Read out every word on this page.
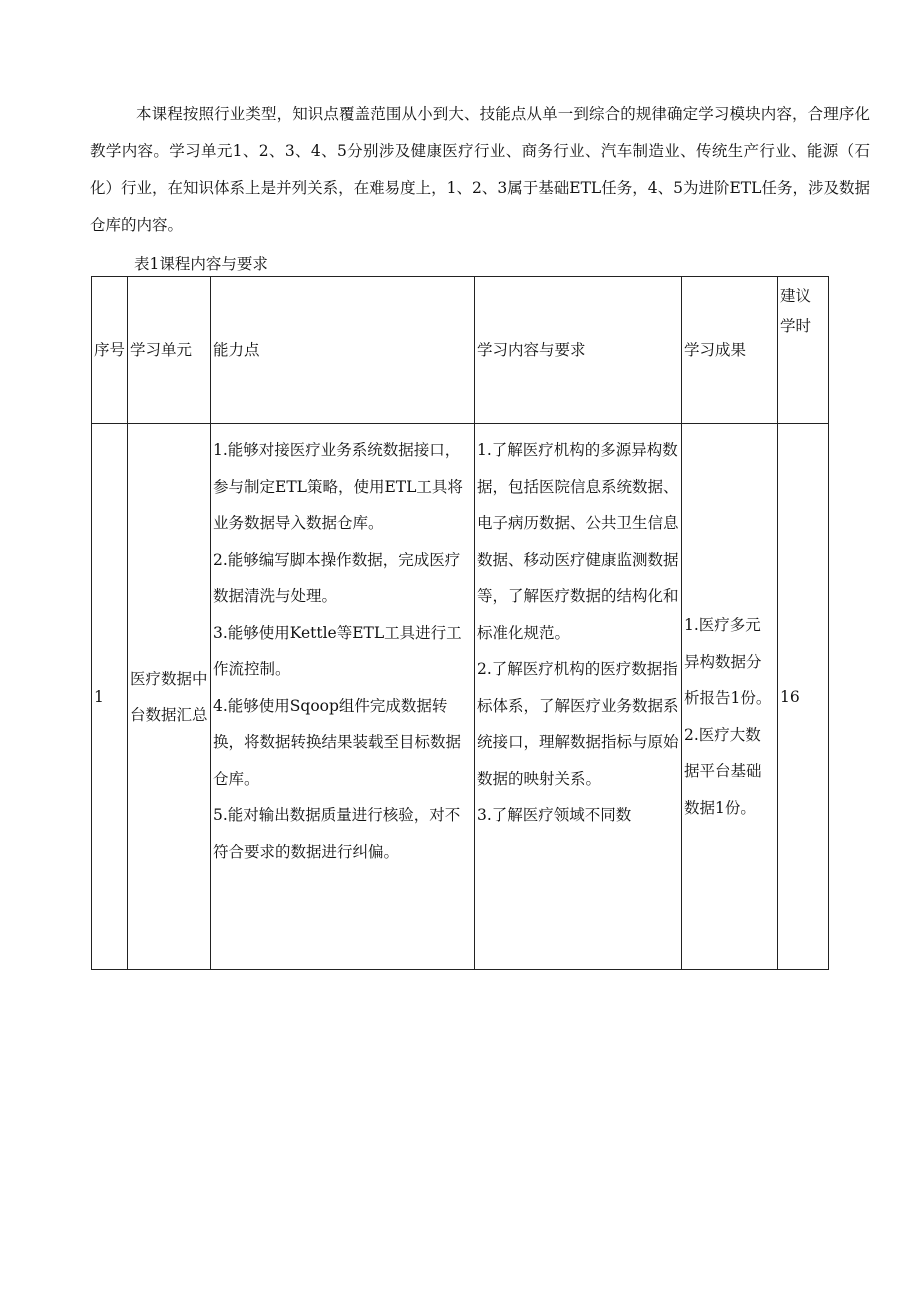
本课程按照行业类型，知识点覆盖范围从小到大、技能点从单一到综合的规律确定学习模块内容，合理序化教学内容。学习单元1、2、3、4、5分别涉及健康医疗行业、商务行业、汽车制造业、传统生产行业、能源（石化）行业，在知识体系上是并列关系，在难易度上，1、2、3属于基础ETL任务，4、5为进阶ETL任务，涉及数据仓库的内容。

表1课程内容与要求

序号	学习单元	能力点	学习内容与要求	学习成果	建议学时
1	医疗数据中台数据汇总	1.能够对接医疗业务系统数据接口，参与制定ETL策略，使用ETL工具将业务数据导入数据仓库。
2.能够编写脚本操作数据，完成医疗数据清洗与处理。
3.能够使用Kettle等ETL工具进行工作流控制。
4.能够使用Sqoop组件完成数据转换，将数据转换结果装载至目标数据仓库。
5.能对输出数据质量进行核验，对不符合要求的数据进行纠偏。	1.了解医疗机构的多源异构数据，包括医院信息系统数据、电子病历数据、公共卫生信息数据、移动医疗健康监测数据等，了解医疗数据的结构化和标准化规范。
2.了解医疗机构的医疗数据指标体系，了解医疗业务数据系统接口，理解数据指标与原始数据的映射关系。
3.了解医疗领域不同数	1.医疗多元异构数据分析报告1份。
2.医疗大数据平台基础数据1份。	16
